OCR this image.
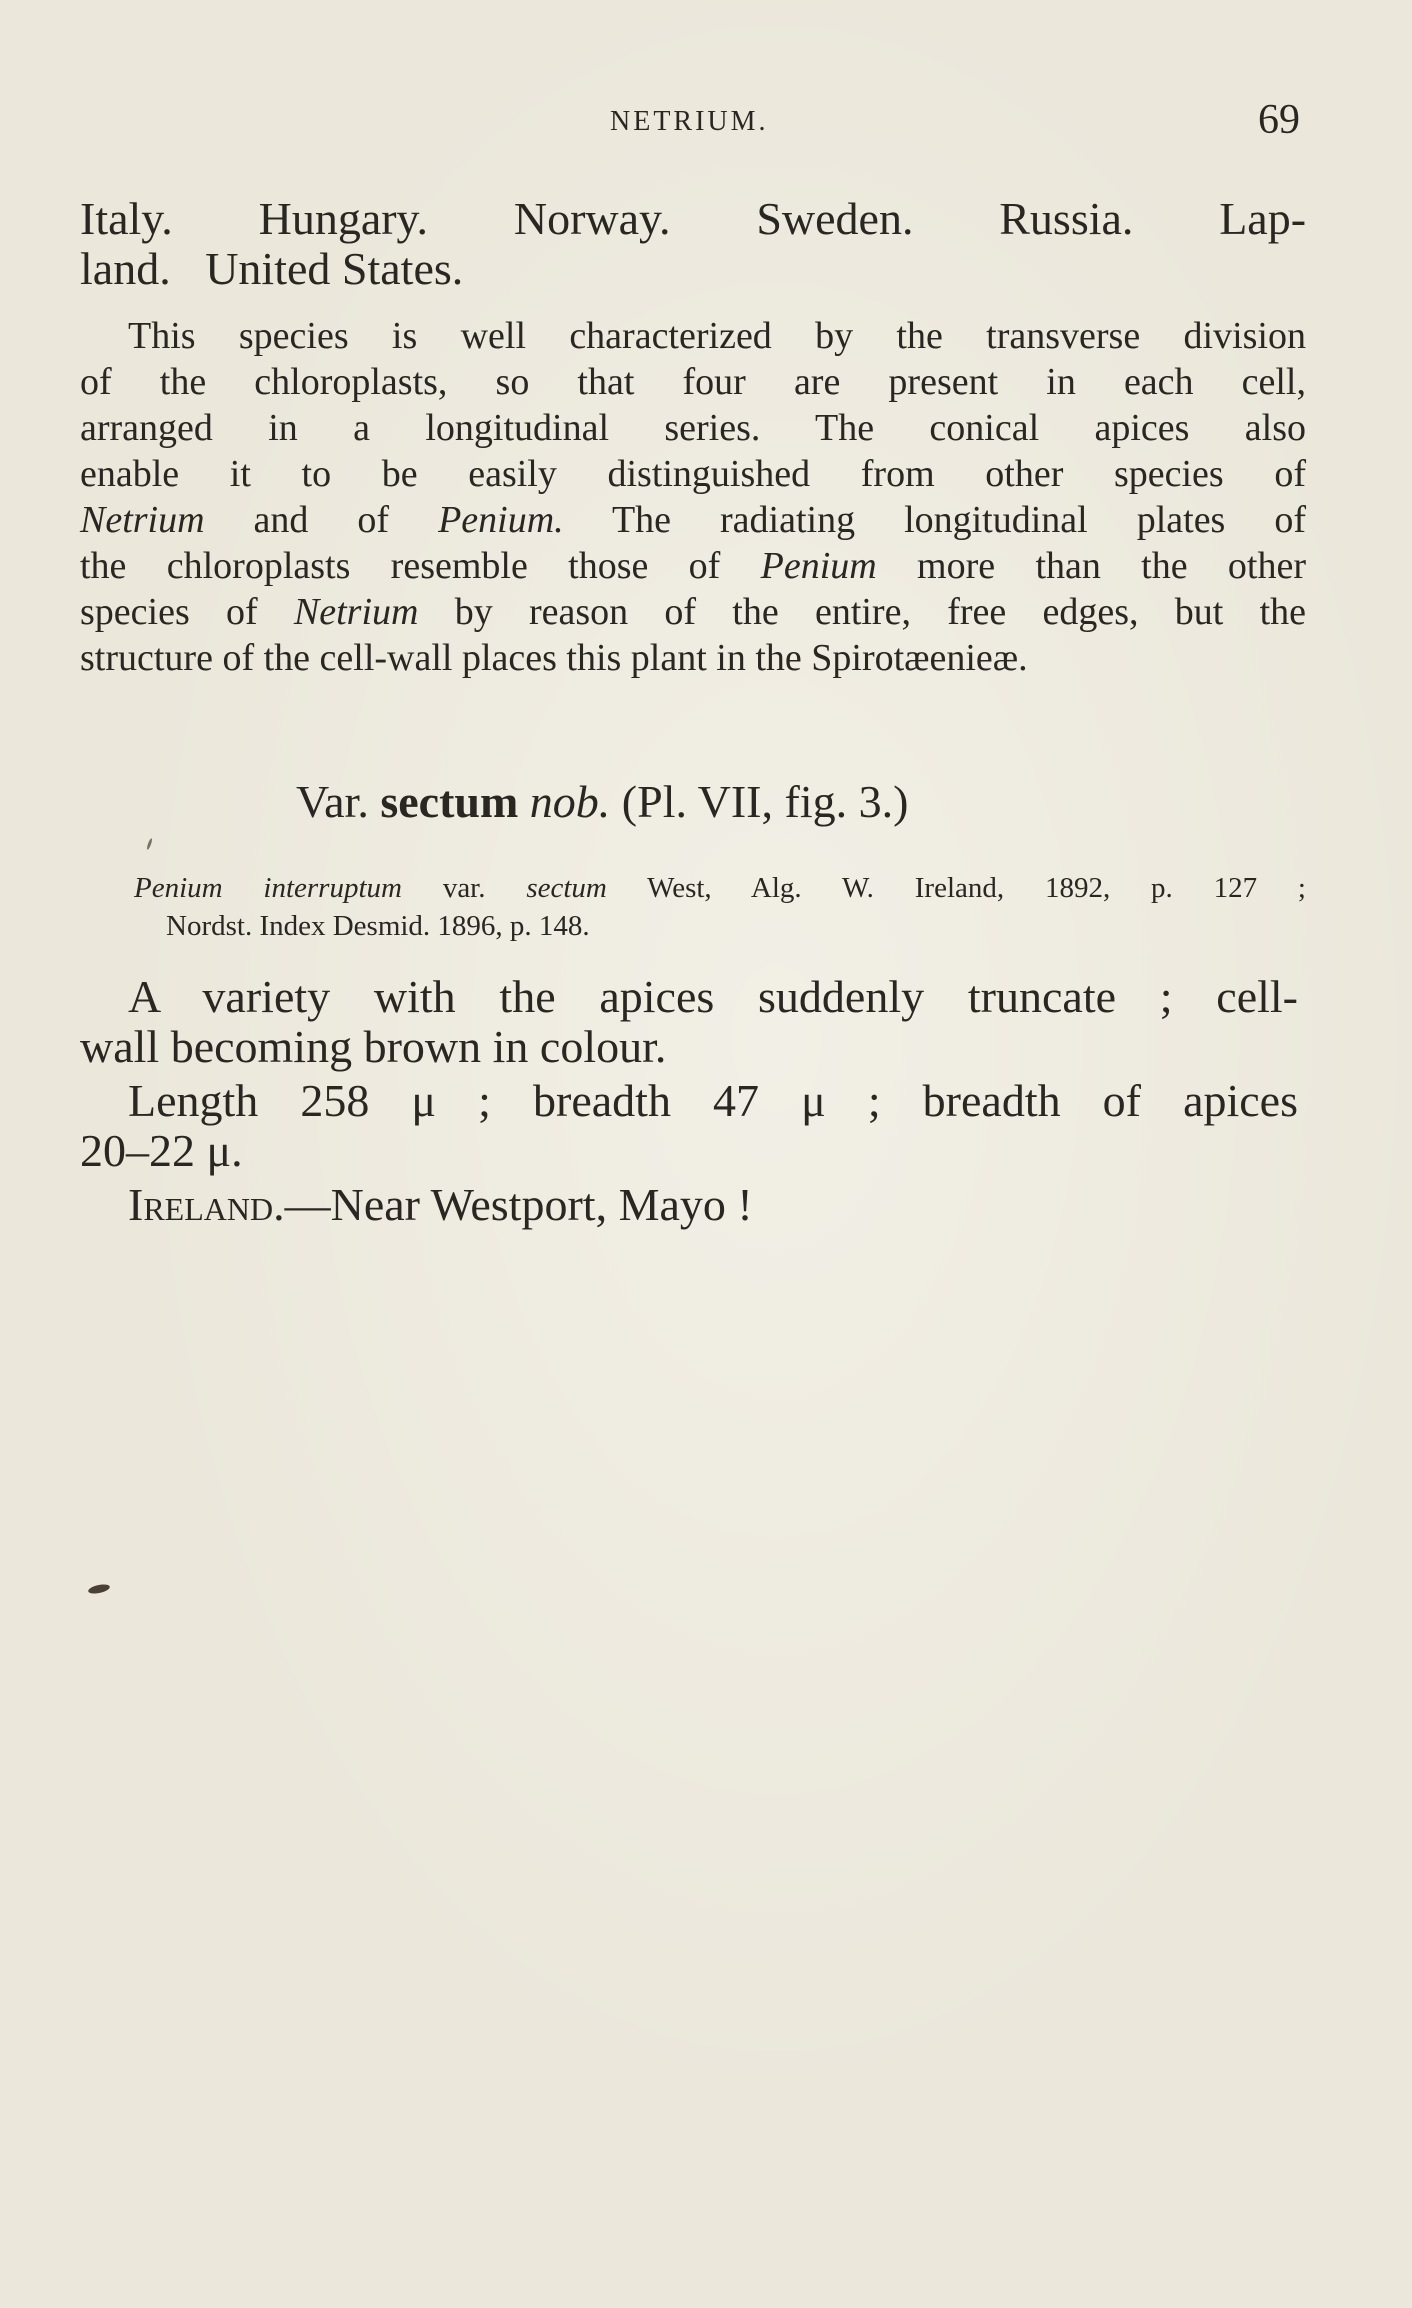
NETRIUM.	69
Italy. Hungary. Norway. Sweden. Russia. Lap-
land. United States.
This species is well characterized by the transverse division
of the chloroplasts, so that four are present in each cell,
arranged in a longitudinal series. The conical apices also
enable it to be easily distinguished from other species of
Netrium and of Penium. The radiating longitudinal plates of
the chloroplasts resemble those of Penium more than the other
species of Netrium by reason of the entire, free edges, but the
structure of the cell-wall places this plant in the Spirotæenieæ.
Var. sectum nob. (Pl. VII, fig. 3.)
Penium interruptum var. sectum West, Alg. W. Ireland, 1892, p. 127 ;
Nordst. Index Desmid. 1896, p. 148.
A variety with the apices suddenly truncate ; cell-
wall becoming brown in colour.
Length 258 μ ; breadth 47 μ ; breadth of apices
20–22 μ.
Ireland.—Near Westport, Mayo !
